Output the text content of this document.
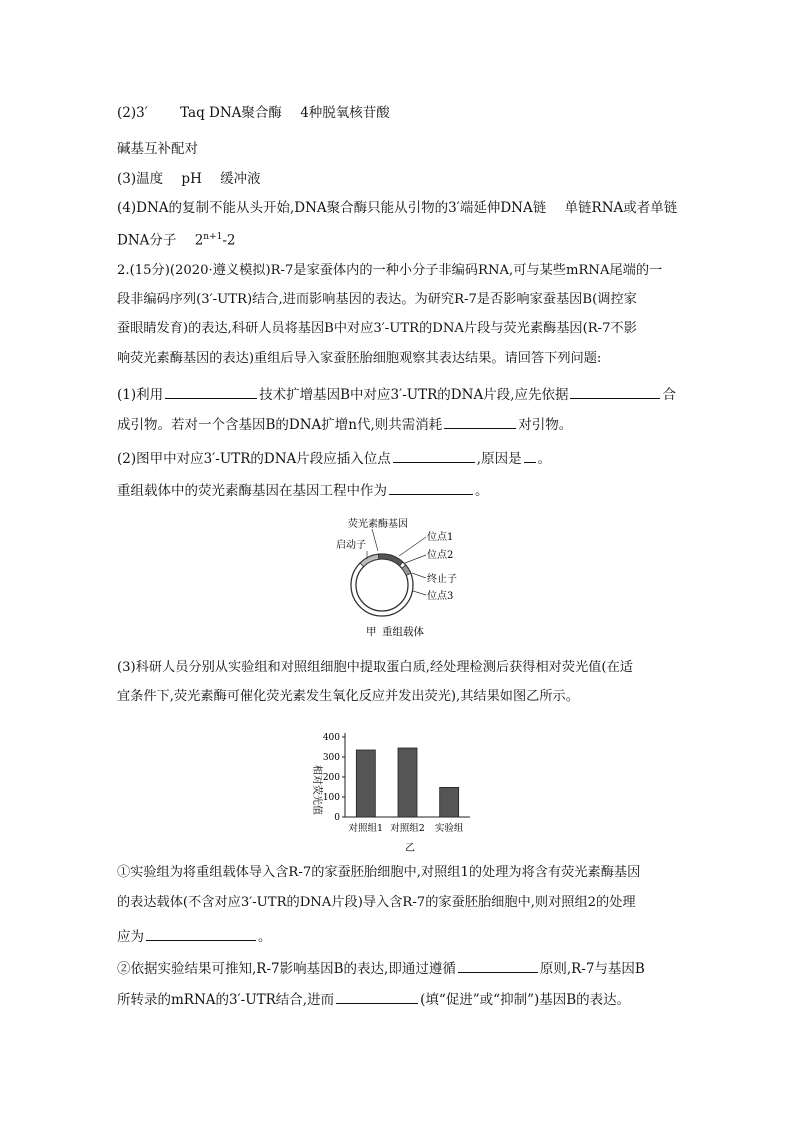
(2)3′ Taq DNA聚合酶 4种脱氧核苷酸
碱基互补配对
(3)温度 pH 缓冲液
(4)DNA的复制不能从头开始,DNA聚合酶只能从引物的3′端延伸DNA链 单链RNA或者单链
DNA分子 $2^{n+1}-2$
2.(15分)(2020·遵义模拟)R-7是家蚕体内的一种小分子非编码RNA,可与某些mRNA尾端的一
段非编码序列(3′-UTR)结合,进而影响基因的表达。为研究R-7是否影响家蚕基因B(调控家
蚕眼睛发育)的表达,科研人员将基因B中对应3′-UTR的DNA片段与荧光素酶基因(R-7不影
响荧光素酶基因的表达)重组后导入家蚕胚胎细胞观察其表达结果。请回答下列问题:
(1)利用	技术扩增基因B中对应3′-UTR的DNA片段,应先依据	合
成引物。若对一个含基因B的DNA扩增n代,则共需消耗	对引物。
(2)图甲中对应3′-UTR的DNA片段应插入位点	,原因是 。
重组载体中的荧光素酶基因在基因工程中作为	。
荧光素酶基因
启动子
位点1
位点2
终止子
位点3
甲 重组载体
(3)科研人员分别从实验组和对照组细胞中提取蛋白质,经处理检测后获得相对荧光值(在适
宜条件下,荧光素酶可催化荧光素发生氧化反应并发出荧光),其结果如图乙所示。
相对荧光值
0
100
200
300
400
对照组1 对照组2 实验组
乙
①实验组为将重组载体导入含R-7的家蚕胚胎细胞中,对照组1的处理为将含有荧光素酶基因
的表达载体(不含对应3′-UTR的DNA片段)导入含R-7的家蚕胚胎细胞中,则对照组2的处理
应为	。
②依据实验结果可推知,R-7影响基因B的表达,即通过遵循	原则,R-7与基因B
所转录的mRNA的3′-UTR结合,进而	(填“促进”或“抑制”)基因B的表达。
